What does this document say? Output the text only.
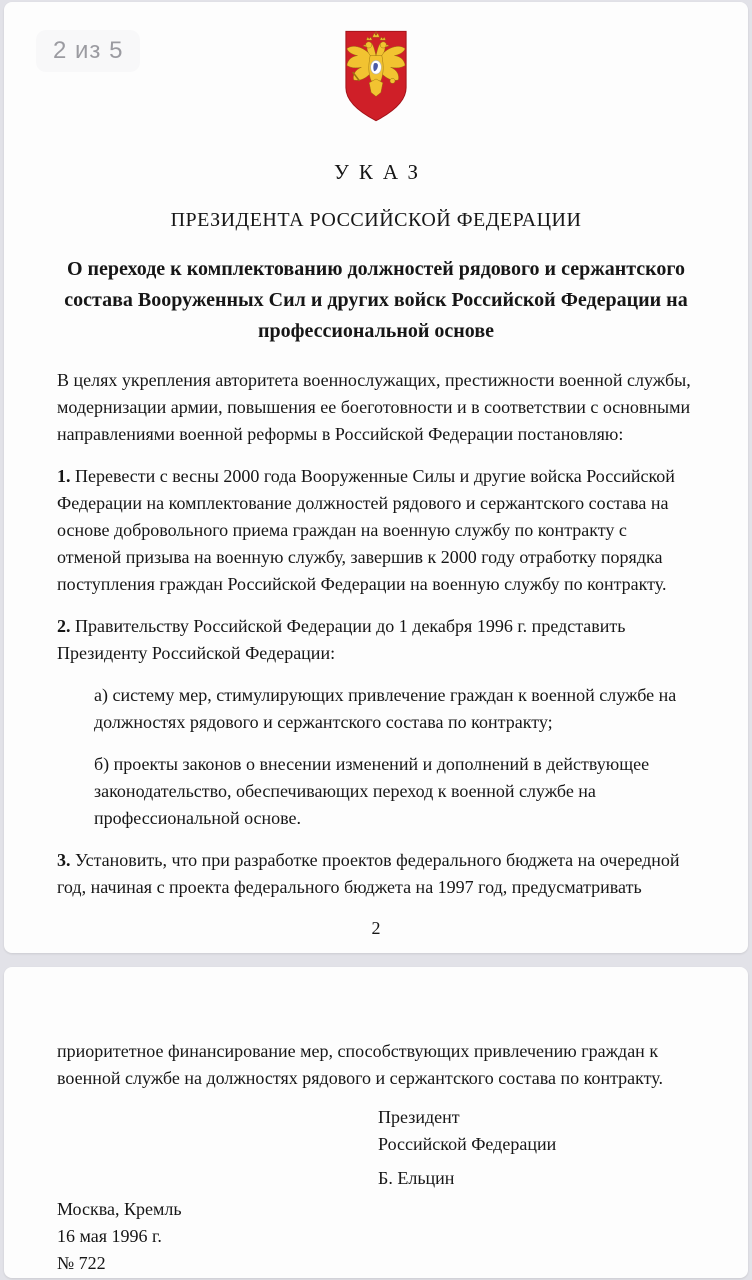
2 из 5
УКАЗ
ПРЕЗИДЕНТА РОССИЙСКОЙ ФЕДЕРАЦИИ
О переходе к комплектованию должностей рядового и сержантского состава Вооруженных Сил и других войск Российской Федерации на профессиональной основе
В целях укрепления авторитета военнослужащих, престижности военной службы, модернизации армии, повышения ее боеготовности и в соответствии с основными направлениями военной реформы в Российской Федерации постановляю:
1. Перевести с весны 2000 года Вооруженные Силы и другие войска Российской Федерации на комплектование должностей рядового и сержантского состава на основе добровольного приема граждан на военную службу по контракту с отменой призыва на военную службу, завершив к 2000 году отработку порядка поступления граждан Российской Федерации на военную службу по контракту.
2. Правительству Российской Федерации до 1 декабря 1996 г. представить Президенту Российской Федерации:
а) систему мер, стимулирующих привлечение граждан к военной службе на должностях рядового и сержантского состава по контракту;
б) проекты законов о внесении изменений и дополнений в действующее законодательство, обеспечивающих переход к военной службе на профессиональной основе.
3. Установить, что при разработке проектов федерального бюджета на очередной год, начиная с проекта федерального бюджета на 1997 год, предусматривать
2
приоритетное финансирование мер, способствующих привлечению граждан к военной службе на должностях рядового и сержантского состава по контракту.
Президент
Российской Федерации
Б. Ельцин
Москва, Кремль
16 мая 1996 г.
№ 722
